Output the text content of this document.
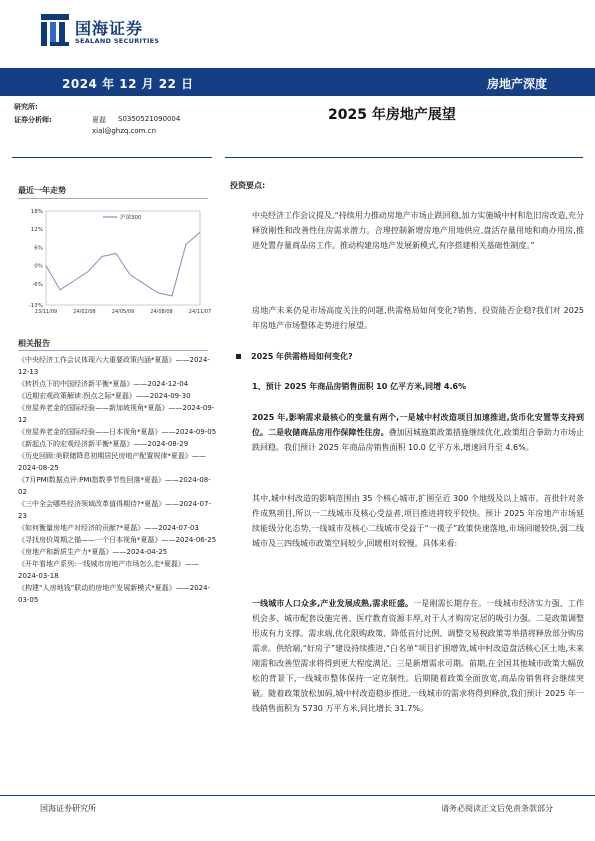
国海证券
SEALAND SECURITIES
2024 年 12 月 22 日	房地产深度
研究所:
证券分析师:	夏磊 S0350521090004
xial@ghzq.com.cn
2025 年房地产展望
最近一年走势
18%
12%
6%
0%
-6%
-13%
23/11/09	24/02/08	24/05/09	24/08/08	24/11/07
沪深300
相关报告
《中央经济工作会议体现六大重要政策内涵*夏磊》——2024-12-13
《转折点下的中国经济新平衡*夏磊》——2024-12-04
《近期宏观政策解读:拐点之际*夏磊》——2024-09-30
《房屋养老金的国际经验——新加坡视角*夏磊》——2024-09-12
《房屋养老金的国际经验——日本视角*夏磊》——2024-09-05
《新起点下的宏观经济新平衡*夏磊》——2024-08-29
《历史回顾:美联储降息初期居民房地产配置规律*夏磊》——2024-08-25
《7月PMI数据点评:PMI指数季节性回落*夏磊》——2024-08-02
《三中全会哪些经济领域改革值得期待?*夏磊》——2024-07-23
《如何衡量房地产对经济的贡献?*夏磊》——2024-07-03
《寻找房价周期之锚——一个日本视角*夏磊》——2024-06-25
《房地产和新质生产力*夏磊》——2024-04-25
《开年看地产系列:一线城市房地产市场怎么走*夏磊》——2024-03-18
《构建“人房地钱”联动的房地产发展新模式*夏磊》——2024-03-05
投资要点:
中央经济工作会议提及,“持续用力推动房地产市场止跌回稳,加力实施城中村和危旧房改造,充分释放刚性和改善性住房需求潜力。合理控制新增房地产用地供应,盘活存量用地和商办用房,推进处置存量商品房工作。推动构建房地产发展新模式,有序搭建相关基础性制度。”
房地产未来仍是市场高度关注的问题,供需格局如何变化?销售、投资能否企稳?我们对 2025 年房地产市场整体走势进行展望。
2025 年供需格局如何变化?
1、预计 2025 年商品房销售面积 10 亿平方米,同增 4.6%
2025 年,影响需求最核心的变量有两个,一是城中村改造项目加速推进,货币化安置等支持到位。二是收储商品房用作保障性住房。叠加因城施策政策措施继续优化,政策组合拳助力市场止跌回稳。我们预计 2025 年商品房销售面积 10.0 亿平方米,增速回升至 4.6%。
其中,城中村改造的影响范围由 35 个核心城市,扩围至近 300 个地级及以上城市。首批针对条件成熟项目,所以一二线城市及核心受益者,项目推进将较平较快。预计 2025 年房地产市场延续能级分化态势,一线城市及核心二线城市受益于“一揽子”政策快速落地,市场回暖较快,弱二线城市及三四线城市政策空间较少,回暖相对较慢。具体来看:
一线城市人口众多,产业发展成熟,需求旺盛。一是刚需长期存在。一线城市经济实力强、工作机会多、城市配套设施完善、医疗教育资源丰厚,对于人才购房定居的吸引力强。二是政策调整形成有力支撑。需求端,优化限购政策、降低首付比例、调整交易税政策等举措将释放部分购房需求。供给端,“好房子”建设持续推进,“白名单”项目扩围增效,城中村改造盘活核心区土地,未来刚需和改善型需求将得到更大程度满足。三是新增需求可期。前期,在全国其他城市政策大幅放松的背景下,一线城市整体保持一定克制性。后期随着政策全面放宽,商品房销售将会继续突破。随着政策放松加码,城中村改造稳步推进,一线城市的需求将得到释放,我们预计 2025 年一线销售面积为 5730 万平方米,同比增长 31.7%。
国海证券研究所	请务必阅读正文后免责条款部分
